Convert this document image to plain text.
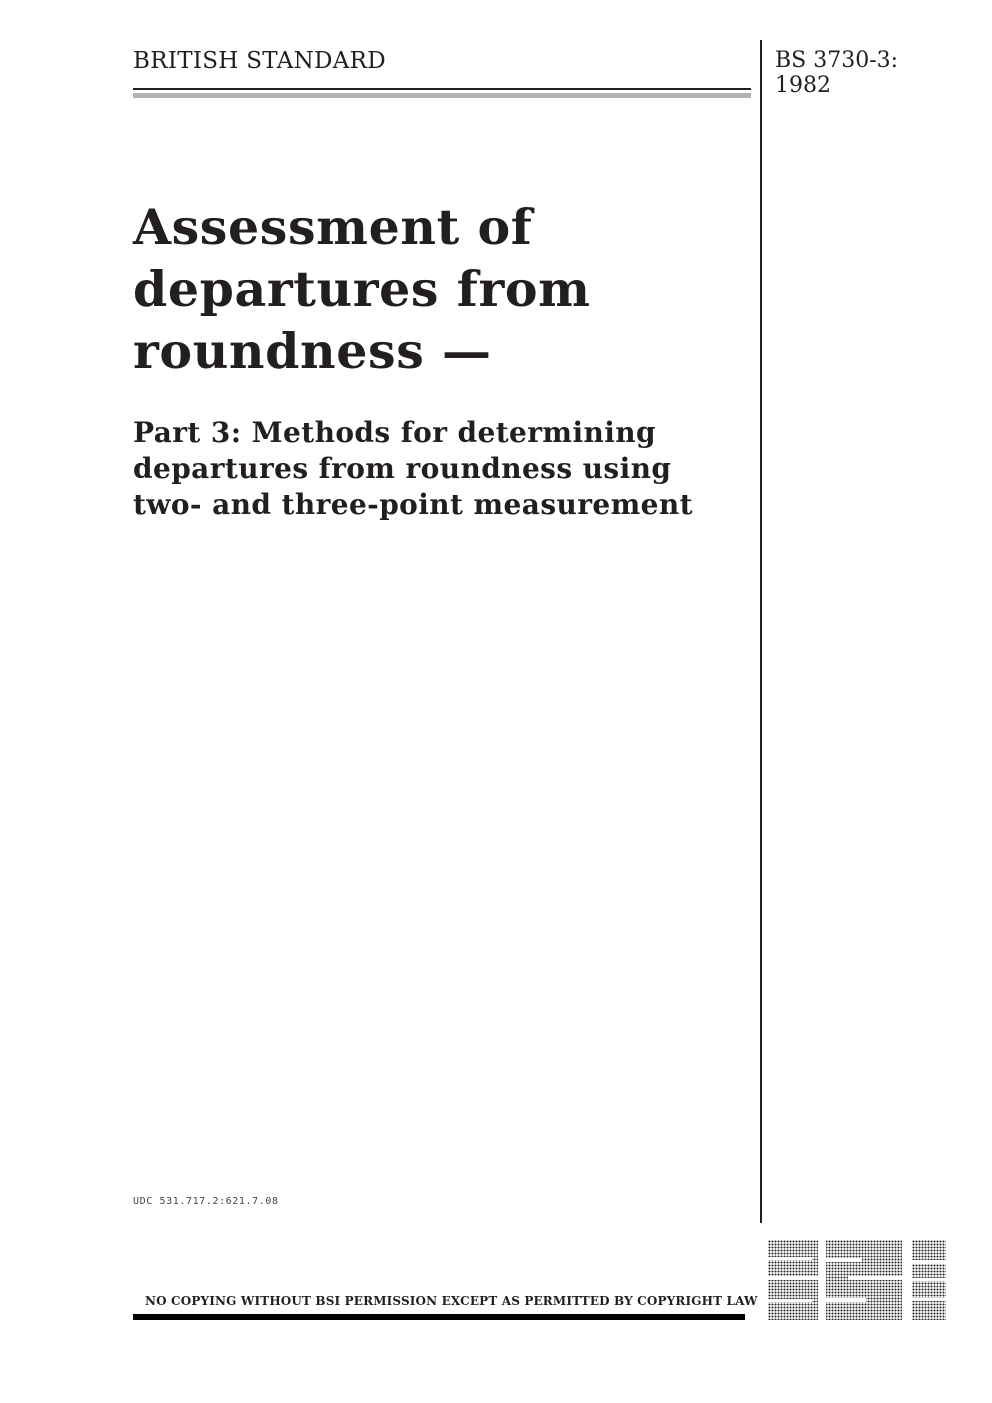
BRITISH STANDARD	BS 3730-3:
1982
Assessment of
departures from
roundness —
Part 3: Methods for determining
departures from roundness using
two- and three-point measurement
UDC 531.717.2:621.7.08
NO COPYING WITHOUT BSI PERMISSION EXCEPT AS PERMITTED BY COPYRIGHT LAW
